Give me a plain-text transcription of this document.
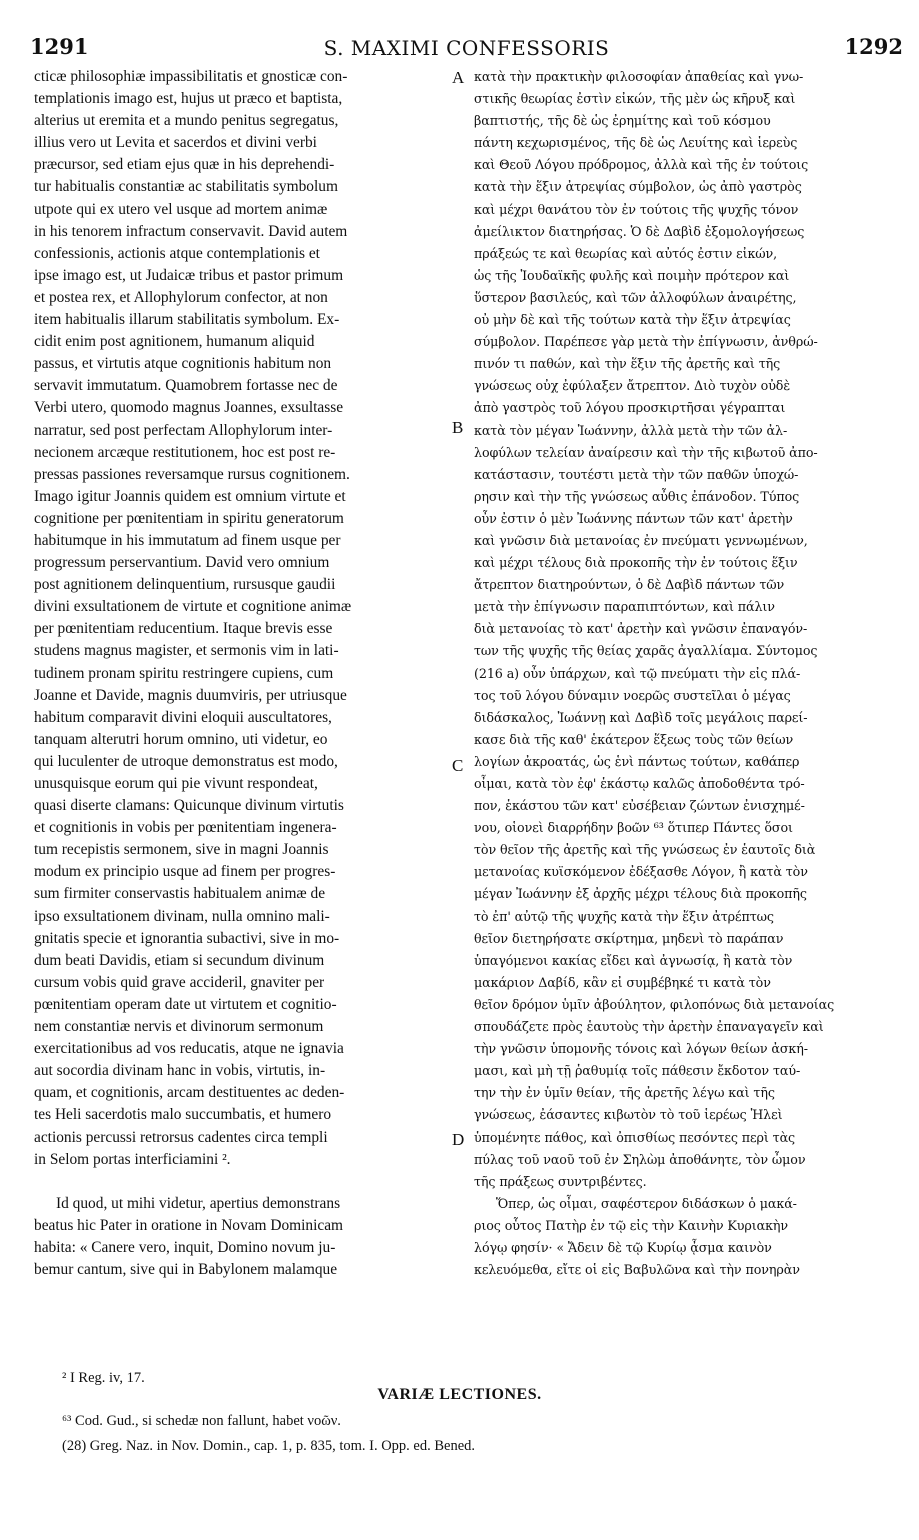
1291	S. MAXIMI CONFESSORIS	1292
cticæ philosophiæ impassibilitatis et gnosticæ con-
templationis imago est, hujus ut præco et baptista,
alterius ut eremita et a mundo penitus segregatus,
illius vero ut Levita et sacerdos et divini verbi
præcursor, sed etiam ejus quæ in his deprehendi-
tur habitualis constantiæ ac stabilitatis symbolum
utpote qui ex utero vel usque ad mortem animæ
in his tenorem infractum conservavit. David autem
confessionis, actionis atque contemplationis et
ipse imago est, ut Judaicæ tribus et pastor primum
et postea rex, et Allophylorum confector, at non
item habitualis illarum stabilitatis symbolum. Ex-
cidit enim post agnitionem, humanum aliquid
passus, et virtutis atque cognitionis habitum non
servavit immutatum. Quamobrem fortasse nec de
Verbi utero, quomodo magnus Joannes, exsultasse
narratur, sed post perfectam Allophylorum inter-
necionem arcæque restitutionem, hoc est post re-
pressas passiones reversamque rursus cognitionem.
Imago igitur Joannis quidem est omnium virtute et
cognitione per pœnitentiam in spiritu generatorum
habitumque in his immutatum ad finem usque per
progressum perservantium. David vero omnium
post agnitionem delinquentium, rursusque gaudii
divini exsultationem de virtute et cognitione animæ
per pœnitentiam reducentium. Itaque brevis esse
studens magnus magister, et sermonis vim in lati-
tudinem pronam spiritu restringere cupiens, cum
Joanne et Davide, magnis duumviris, per utriusque
habitum comparavit divini eloquii auscultatores,
tanquam alterutri horum omnino, uti videtur, eo
qui luculenter de utroque demonstratus est modo,
unusquisque eorum qui pie vivunt respondeat,
quasi diserte clamans: Quicunque divinum virtutis
et cognitionis in vobis per pœnitentiam ingenera-
tum recepistis sermonem, sive in magni Joannis
modum ex principio usque ad finem per progres-
sum firmiter conservastis habitualem animæ de
ipso exsultationem divinam, nulla omnino mali-
gnitatis specie et ignorantia subactivi, sive in mo-
dum beati Davidis, etiam si secundum divinum
cursum vobis quid grave accideril, gnaviter per
pœnitentiam operam date ut virtutem et cognitio-
nem constantiæ nervis et divinorum sermonum
exercitationibus ad vos reducatis, atque ne ignavia
aut socordia divinam hanc in vobis, virtutis, in-
quam, et cognitionis, arcam destituentes ac deden-
tes Heli sacerdotis malo succumbatis, et humero
actionis percussi retrorsus cadentes circa templi
in Selom portas interficiamini ².
Id quod, ut mihi videtur, apertius demonstrans
beatus hic Pater in oratione in Novam Dominicam
habita: « Canere vero, inquit, Domino novum ju-
bemur cantum, sive qui in Babylonem malamque
κατὰ τὴν πρακτικὴν φιλοσοφίαν ἀπαθείας καὶ γνω-
στικῆς θεωρίας ἐστὶν εἰκών, τῆς μὲν ὡς κῆρυξ καὶ
βαπτιστής, τῆς δὲ ὡς ἐρημίτης καὶ τοῦ κόσμου
πάντη κεχωρισμένος, τῆς δὲ ὡς Λευίτης καὶ ἱερεὺς
καὶ Θεοῦ Λόγου πρόδρομος, ἀλλὰ καὶ τῆς ἐν τούτοις
κατὰ τὴν ἕξιν ἀτρεψίας σύμβολον, ὡς ἀπὸ γαστρὸς
καὶ μέχρι θανάτου τὸν ἐν τούτοις τῆς ψυχῆς τόνον
ἀμείλικτον διατηρήσας. Ὁ δὲ Δαβὶδ ἐξομολογήσεως
πράξεώς τε καὶ θεωρίας καὶ αὐτός ἐστιν εἰκών,
ὡς τῆς Ἰουδαϊκῆς φυλῆς καὶ ποιμὴν πρότερον καὶ
ὕστερον βασιλεύς, καὶ τῶν ἀλλοφύλων ἀναιρέτης,
οὐ μὴν δὲ καὶ τῆς τούτων κατὰ τὴν ἕξιν ἀτρεψίας
σύμβολον. Παρέπεσε γὰρ μετὰ τὴν ἐπίγνωσιν, ἀνθρώ-
πινόν τι παθών, καὶ τὴν ἕξιν τῆς ἀρετῆς καὶ τῆς
γνώσεως οὐχ ἐφύλαξεν ἄτρεπτον. Διὸ τυχὸν οὐδὲ
ἀπὸ γαστρὸς τοῦ λόγου προσκιρτῆσαι γέγραπται
κατὰ τὸν μέγαν Ἰωάννην, ἀλλὰ μετὰ τὴν τῶν ἀλ-
λοφύλων τελείαν ἀναίρεσιν καὶ τὴν τῆς κιβωτοῦ ἀπο-
κατάστασιν, τουτέστι μετὰ τὴν τῶν παθῶν ὑποχώ-
ρησιν καὶ τὴν τῆς γνώσεως αὖθις ἐπάνοδον. Τύπος
οὖν ἐστιν ὁ μὲν Ἰωάννης πάντων τῶν κατ' ἀρετὴν
καὶ γνῶσιν διὰ μετανοίας ἐν πνεύματι γεννωμένων,
καὶ μέχρι τέλους διὰ προκοπῆς τὴν ἐν τούτοις ἕξιν
ἄτρεπτον διατηρούντων, ὁ δὲ Δαβὶδ πάντων τῶν
μετὰ τὴν ἐπίγνωσιν παραπιπτόντων, καὶ πάλιν
διὰ μετανοίας τὸ κατ' ἀρετὴν καὶ γνῶσιν ἐπαναγόν-
των τῆς ψυχῆς τῆς θείας χαρᾶς ἀγαλλίαμα. Σύντομος
(216 a) οὖν ὑπάρχων, καὶ τῷ πνεύματι τὴν εἰς πλά-
τος τοῦ λόγου δύναμιν νοερῶς συστεῖλαι ὁ μέγας
διδάσκαλος, Ἰωάννῃ καὶ Δαβὶδ τοῖς μεγάλοις παρεί-
κασε διὰ τῆς καθ' ἑκάτερον ἕξεως τοὺς τῶν θείων
λογίων ἀκροατάς, ὡς ἑνὶ πάντως τούτων, καθάπερ
οἶμαι, κατὰ τὸν ἐφ' ἑκάστῳ καλῶς ἀποδοθέντα τρό-
πον, ἑκάστου τῶν κατ' εὐσέβειαν ζώντων ἐνισχημέ-
νου, οἱονεὶ διαρρήδην βοῶν ⁶³ ὅτιπερ Πάντες ὅσοι
τὸν θεῖον τῆς ἀρετῆς καὶ τῆς γνώσεως ἐν ἑαυτοῖς διὰ
μετανοίας κυϊσκόμενον ἐδέξασθε Λόγον, ἢ κατὰ τὸν
μέγαν Ἰωάννην ἐξ ἀρχῆς μέχρι τέλους διὰ προκοπῆς
τὸ ἐπ' αὐτῷ τῆς ψυχῆς κατὰ τὴν ἕξιν ἀτρέπτως
θεῖον διετηρήσατε σκίρτημα, μηδενὶ τὸ παράπαν
ὑπαγόμενοι κακίας εἴδει καὶ ἀγνωσίᾳ, ἢ κατὰ τὸν
μακάριον Δαβίδ, κἂν εἰ συμβέβηκέ τι κατὰ τὸν
θεῖον δρόμον ὑμῖν ἀβούλητον, φιλοπόνως διὰ μετανοίας
σπουδάζετε πρὸς ἑαυτοὺς τὴν ἀρετὴν ἐπαναγαγεῖν καὶ
τὴν γνῶσιν ὑπομονῆς τόνοις καὶ λόγων θείων ἀσκή-
μασι, καὶ μὴ τῇ ῥαθυμίᾳ τοῖς πάθεσιν ἔκδοτον ταύ-
την τὴν ἐν ὑμῖν θείαν, τῆς ἀρετῆς λέγω καὶ τῆς
γνώσεως, ἐάσαντες κιβωτὸν τὸ τοῦ ἱερέως Ἠλεὶ
ὑπομένητε πάθος, καὶ ὀπισθίως πεσόντες περὶ τὰς
πύλας τοῦ ναοῦ τοῦ ἐν Σηλὼμ ἀποθάνητε, τὸν ὦμον
τῆς πράξεως συντριβέντες.
Ὅπερ, ὡς οἶμαι, σαφέστερον διδάσκων ὁ μακά-
ριος οὗτος Πατὴρ ἐν τῷ εἰς τὴν Καινὴν Κυριακὴν
λόγῳ φησίν· « Ἄδειν δὲ τῷ Κυρίῳ ᾆσμα καινὸν
κελευόμεθα, εἴτε οἱ εἰς Βαβυλῶνα καὶ τὴν πονηρὰν
A
B
C
D
² I Reg. iv, 17.
VARIÆ LECTIONES.
⁶³ Cod. Gud., si schedæ non fallunt, habet νοῶν.
(28) Greg. Naz. in Nov. Domin., cap. 1, p. 835, tom. I. Opp. ed. Bened.
